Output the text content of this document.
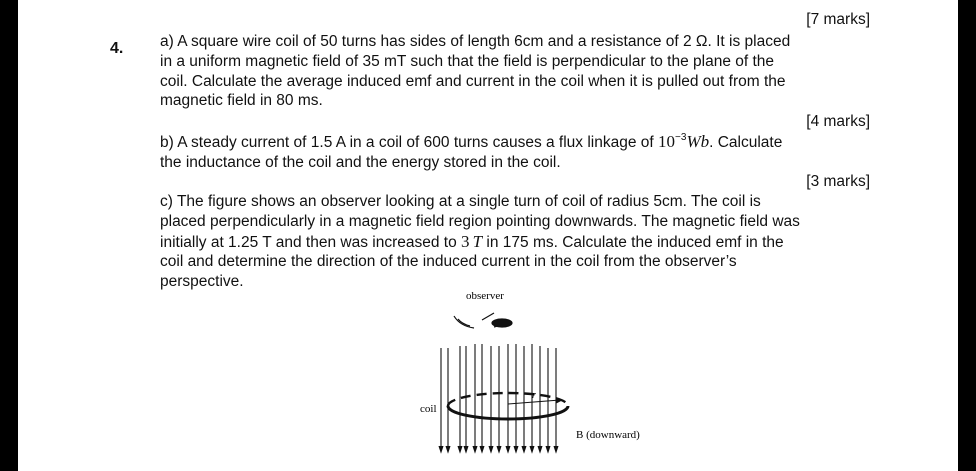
[7 marks]
4. a) A square wire coil of 50 turns has sides of length 6cm and a resistance of 2 Ω. It is placed
in a uniform magnetic field of 35 mT such that the field is perpendicular to the plane of the
coil. Calculate the average induced emf and current in the coil when it is pulled out from the
magnetic field in 80 ms.
[4 marks]
b) A steady current of 1.5 A in a coil of 600 turns causes a flux linkage of $10^{-3}Wb$. Calculate
the inductance of the coil and the energy stored in the coil.
[3 marks]
c) The figure shows an observer looking at a single turn of coil of radius 5cm. The coil is
placed perpendicularly in a magnetic field region pointing downwards. The magnetic field was
initially at 1.25 T and then was increased to 3  T in 175 ms. Calculate the induced emf in the
coil and determine the direction of the induced current in the coil from the observer’s
perspective.
observer
r
coil
B (downward)
